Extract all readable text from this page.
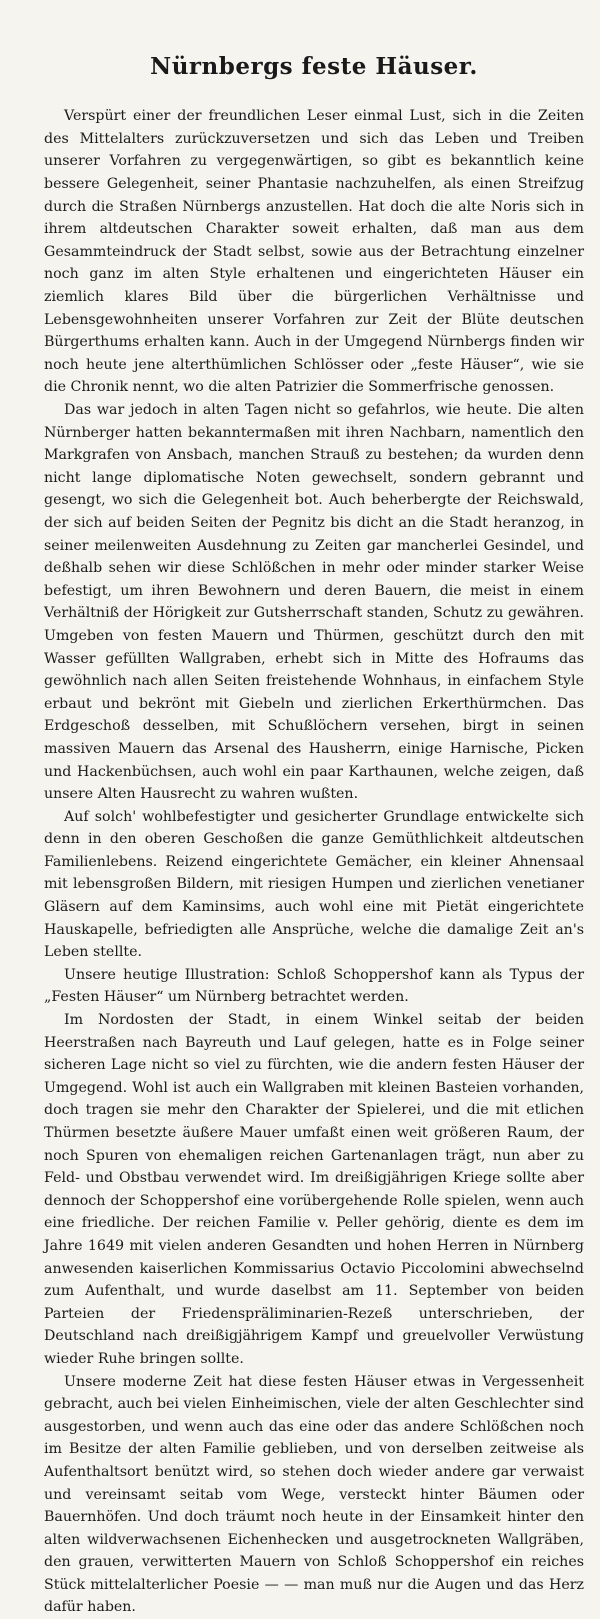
Nürnbergs feste Häuser.

Verspürt einer der freundlichen Leser einmal Lust, sich in die Zeiten des Mittelalters zurückzuversetzen und sich das Leben und Treiben unserer Vorfahren zu vergegenwärtigen, so gibt es bekanntlich keine bessere Gelegenheit, seiner Phantasie nachzuhelfen, als einen Streifzug durch die Straßen Nürnbergs anzustellen. Hat doch die alte Noris sich in ihrem altdeutschen Charakter soweit erhalten, daß man aus dem Gesammteindruck der Stadt selbst, sowie aus der Betrachtung einzelner noch ganz im alten Style erhaltenen und eingerichteten Häuser ein ziemlich klares Bild über die bürgerlichen Verhältnisse und Lebensgewohnheiten unserer Vorfahren zur Zeit der Blüte deutschen Bürgerthums erhalten kann. Auch in der Umgegend Nürnbergs finden wir noch heute jene alterthümlichen Schlösser oder „feste Häuser“, wie sie die Chronik nennt, wo die alten Patrizier die Sommerfrische genossen.

Das war jedoch in alten Tagen nicht so gefahrlos, wie heute. Die alten Nürnberger hatten bekanntermaßen mit ihren Nachbarn, namentlich den Markgrafen von Ansbach, manchen Strauß zu bestehen; da wurden denn nicht lange diplomatische Noten gewechselt, sondern gebrannt und gesengt, wo sich die Gelegenheit bot. Auch beherbergte der Reichswald, der sich auf beiden Seiten der Pegnitz bis dicht an die Stadt heranzog, in seiner meilenweiten Ausdehnung zu Zeiten gar mancherlei Gesindel, und deßhalb sehen wir diese Schlößchen in mehr oder minder starker Weise befestigt, um ihren Bewohnern und deren Bauern, die meist in einem Verhältniß der Hörigkeit zur Gutsherrschaft standen, Schutz zu gewähren. Umgeben von festen Mauern und Thürmen, geschützt durch den mit Wasser gefüllten Wallgraben, erhebt sich in Mitte des Hofraums das gewöhnlich nach allen Seiten freistehende Wohnhaus, in einfachem Style erbaut und bekrönt mit Giebeln und zierlichen Erkerthürmchen. Das Erdgeschoß desselben, mit Schußlöchern versehen, birgt in seinen massiven Mauern das Arsenal des Hausherrn, einige Harnische, Picken und Hackenbüchsen, auch wohl ein paar Karthaunen, welche zeigen, daß unsere Alten Hausrecht zu wahren wußten.

Auf solch' wohlbefestigter und gesicherter Grundlage entwickelte sich denn in den oberen Geschoßen die ganze Gemüthlichkeit altdeutschen Familienlebens. Reizend eingerichtete Gemächer, ein kleiner Ahnensaal mit lebensgroßen Bildern, mit riesigen Humpen und zierlichen venetianer Gläsern auf dem Kaminsims, auch wohl eine mit Pietät eingerichtete Hauskapelle, befriedigten alle Ansprüche, welche die damalige Zeit an's Leben stellte.

Unsere heutige Illustration: Schloß Schoppershof kann als Typus der „Festen Häuser“ um Nürnberg betrachtet werden.

Im Nordosten der Stadt, in einem Winkel seitab der beiden Heerstraßen nach Bayreuth und Lauf gelegen, hatte es in Folge seiner sicheren Lage nicht so viel zu fürchten, wie die andern festen Häuser der Umgegend. Wohl ist auch ein Wallgraben mit kleinen Basteien vorhanden, doch tragen sie mehr den Charakter der Spielerei, und die mit etlichen Thürmen besetzte äußere Mauer umfaßt einen weit größeren Raum, der noch Spuren von ehemaligen reichen Gartenanlagen trägt, nun aber zu Feld- und Obstbau verwendet wird. Im dreißigjährigen Kriege sollte aber dennoch der Schoppershof eine vorübergehende Rolle spielen, wenn auch eine friedliche. Der reichen Familie v. Peller gehörig, diente es dem im Jahre 1649 mit vielen anderen Gesandten und hohen Herren in Nürnberg anwesenden kaiserlichen Kommissarius Octavio Piccolomini abwechselnd zum Aufenthalt, und wurde daselbst am 11. September von beiden Parteien der Friedenspräliminarien-Rezeß unterschrieben, der Deutschland nach dreißigjährigem Kampf und greuelvoller Verwüstung wieder Ruhe bringen sollte.

Unsere moderne Zeit hat diese festen Häuser etwas in Vergessenheit gebracht, auch bei vielen Einheimischen, viele der alten Geschlechter sind ausgestorben, und wenn auch das eine oder das andere Schlößchen noch im Besitze der alten Familie geblieben, und von derselben zeitweise als Aufenthaltsort benützt wird, so stehen doch wieder andere gar verwaist und vereinsamt seitab vom Wege, versteckt hinter Bäumen oder Bauernhöfen. Und doch träumt noch heute in der Einsamkeit hinter den alten wildverwachsenen Eichenhecken und ausgetrockneten Wallgräben, den grauen, verwitterten Mauern von Schloß Schoppershof ein reiches Stück mittelalterlicher Poesie — — man muß nur die Augen und das Herz dafür haben.
